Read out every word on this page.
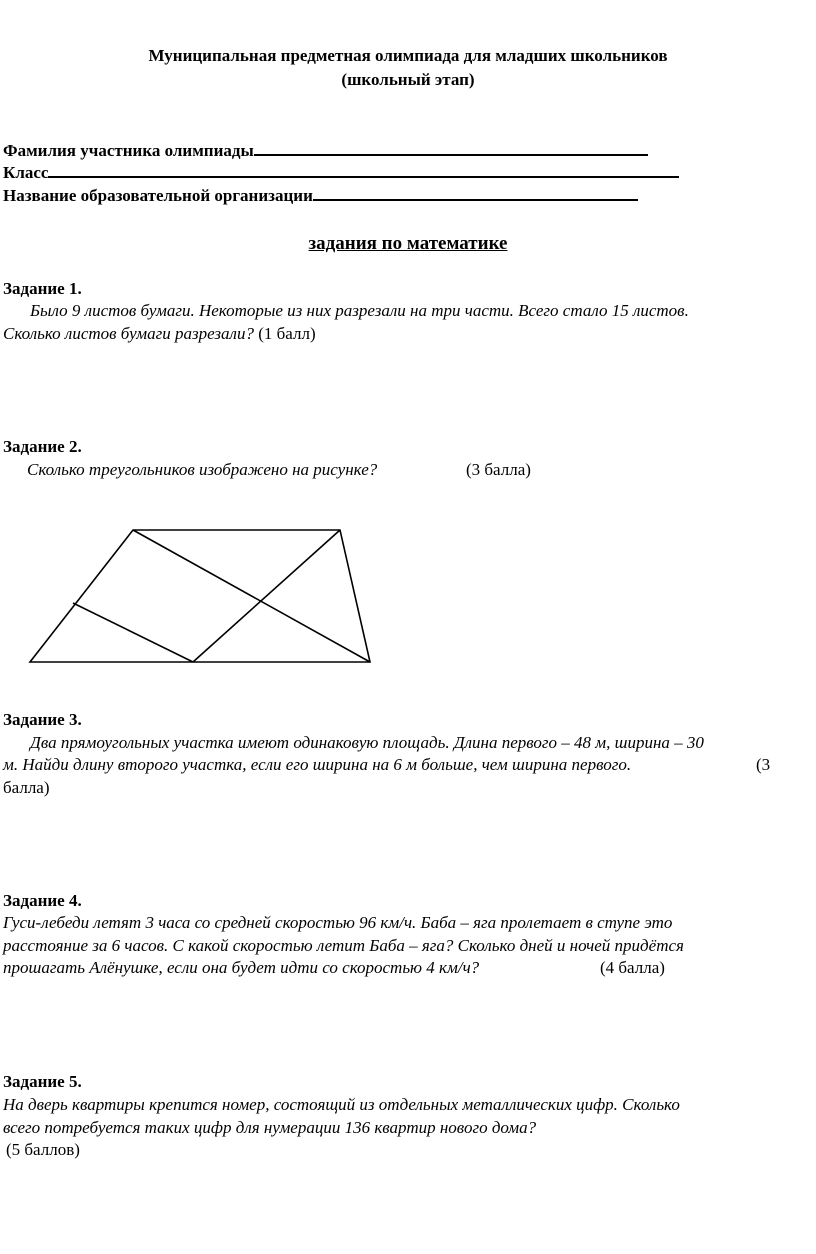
Муниципальная предметная олимпиада для младших школьников
(школьный этап)
Фамилия участника олимпиады
Класс
Название образовательной организации
задания по математике
Задание 1.
Было 9 листов бумаги. Некоторые из них разрезали на три части. Всего стало 15 листов.
Сколько листов бумаги разрезали? (1 балл)
Задание 2.
Сколько треугольников изображено на рисунке?	(3 балла)
Задание 3.
Два прямоугольных участка имеют одинаковую площадь. Длина первого – 48 м, ширина – 30
м. Найди длину второго участка, если его ширина на 6 м больше, чем ширина первого.	(3
балла)
Задание 4.
Гуси-лебеди летят 3 часа со средней скоростью 96 км/ч. Баба – яга пролетает в ступе это
расстояние за 6 часов. С какой скоростью летит Баба – яга? Сколько дней и ночей придётся
прошагать Алёнушке, если она будет идти со скоростью 4 км/ч?	(4 балла)
Задание 5.
На дверь квартиры крепится номер, состоящий из отдельных металлических цифр. Сколько
всего потребуется таких цифр для нумерации 136 квартир нового дома?
(5 баллов)
